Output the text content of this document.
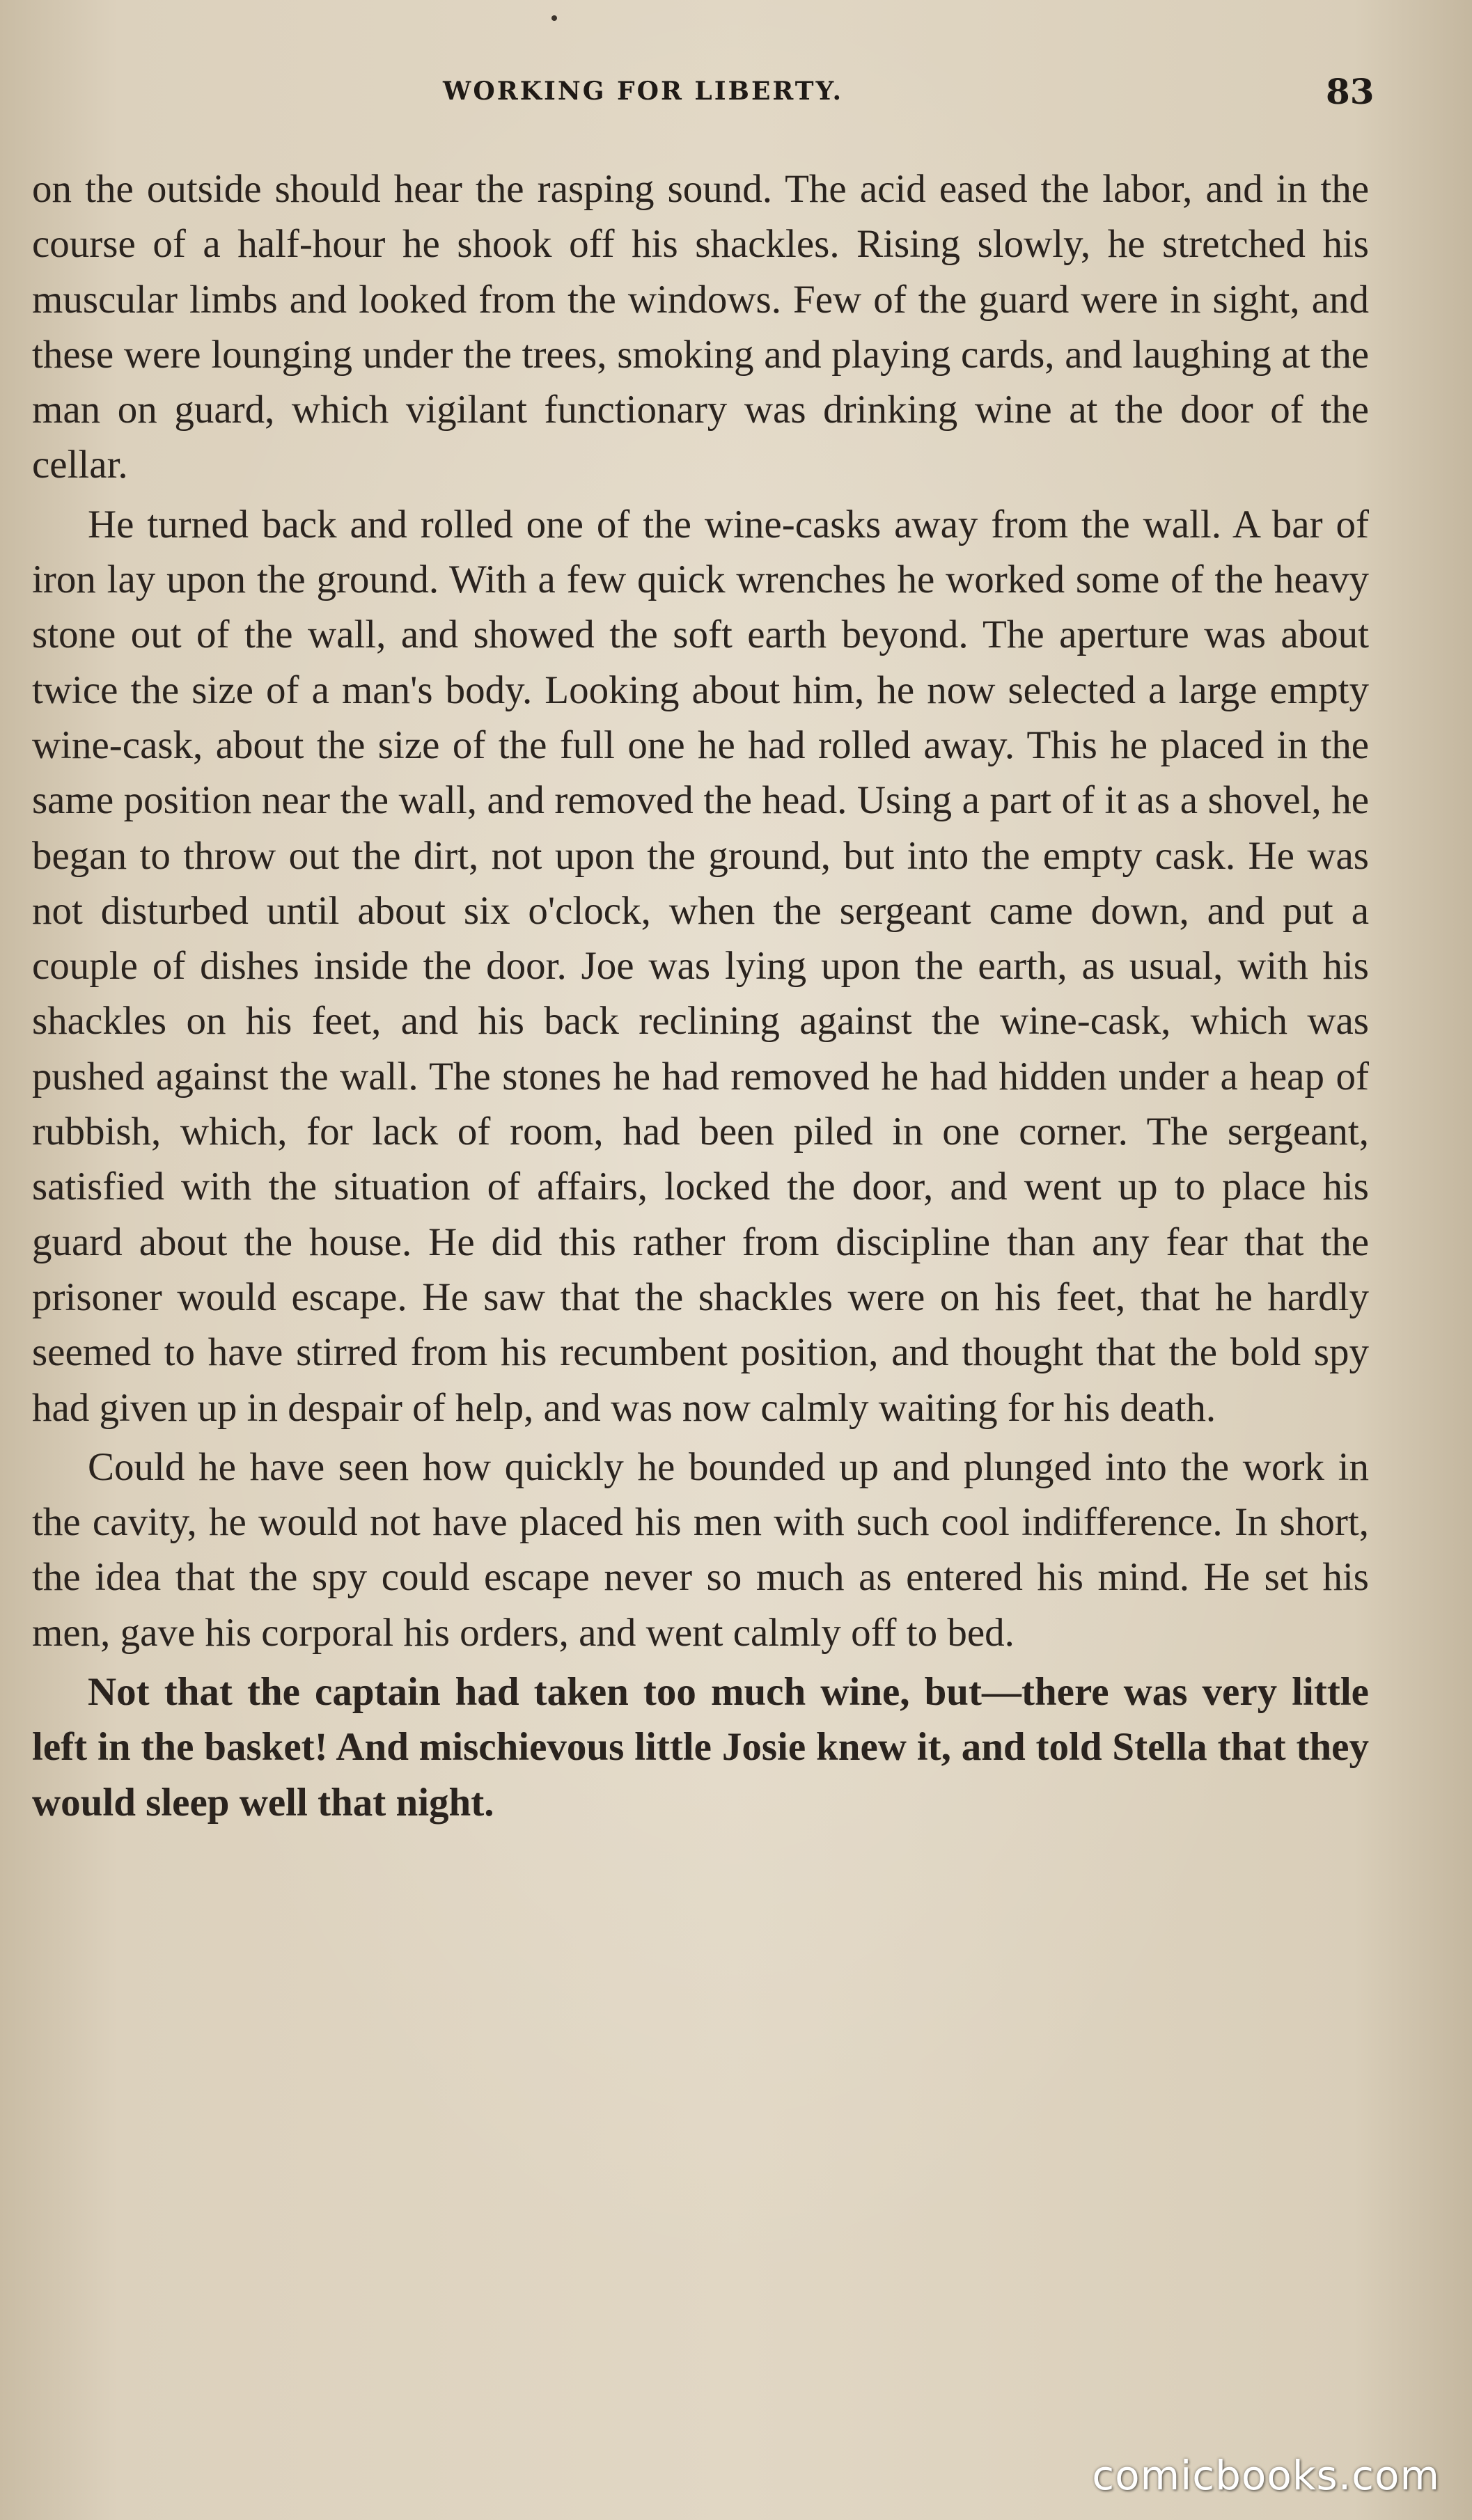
WORKING FOR LIBERTY.	83

on the outside should hear the rasping sound. The acid eased the labor, and in the course of a half-hour he shook off his shackles. Rising slowly, he stretched his muscular limbs and looked from the windows. Few of the guard were in sight, and these were lounging under the trees, smoking and playing cards, and laughing at the man on guard, which vigilant functionary was drinking wine at the door of the cellar.

He turned back and rolled one of the wine-casks away from the wall. A bar of iron lay upon the ground. With a few quick wrenches he worked some of the heavy stone out of the wall, and showed the soft earth beyond. The aperture was about twice the size of a man's body. Looking about him, he now selected a large empty wine-cask, about the size of the full one he had rolled away. This he placed in the same position near the wall, and removed the head. Using a part of it as a shovel, he began to throw out the dirt, not upon the ground, but into the empty cask. He was not disturbed until about six o'clock, when the sergeant came down, and put a couple of dishes inside the door. Joe was lying upon the earth, as usual, with his shackles on his feet, and his back reclining against the wine-cask, which was pushed against the wall. The stones he had removed he had hidden under a heap of rubbish, which, for lack of room, had been piled in one corner. The sergeant, satisfied with the situation of affairs, locked the door, and went up to place his guard about the house. He did this rather from discipline than any fear that the prisoner would escape. He saw that the shackles were on his feet, that he hardly seemed to have stirred from his recumbent position, and thought that the bold spy had given up in despair of help, and was now calmly waiting for his death.

Could he have seen how quickly he bounded up and plunged into the work in the cavity, he would not have placed his men with such cool indifference. In short, the idea that the spy could escape never so much as entered his mind. He set his men, gave his corporal his orders, and went calmly off to bed.

Not that the captain had taken too much wine, but—there was very little left in the basket! And mischievous little Josie knew it, and told Stella that they would sleep well that night.

comicbooks.com
